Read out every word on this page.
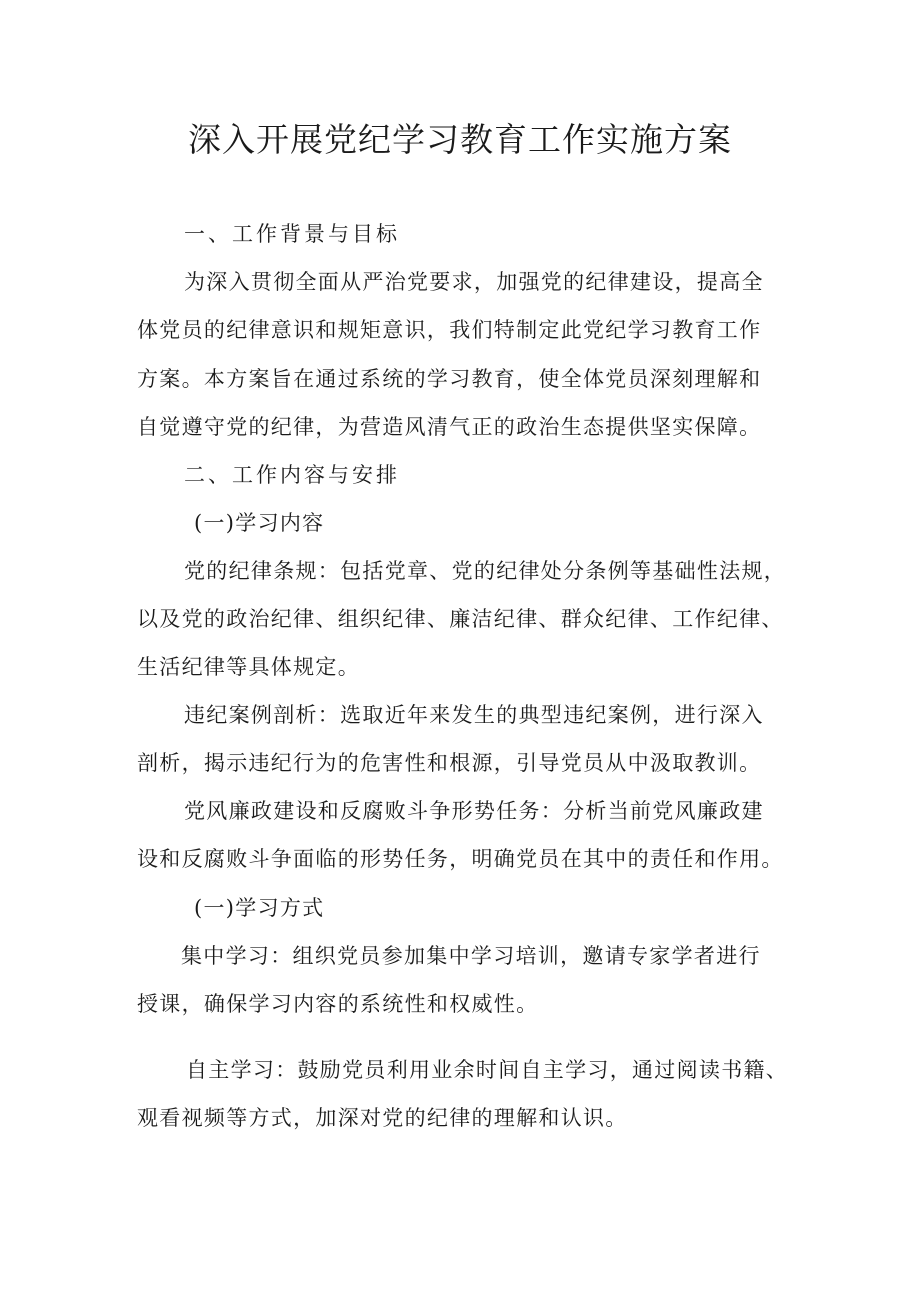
深入开展党纪学习教育工作实施方案
一、工作背景与目标
为深入贯彻全面从严治党要求，加强党的纪律建设，提高全
体党员的纪律意识和规矩意识，我们特制定此党纪学习教育工作
方案。本方案旨在通过系统的学习教育，使全体党员深刻理解和
自觉遵守党的纪律，为营造风清气正的政治生态提供坚实保障。
二、工作内容与安排
(一)学习内容
党的纪律条规：包括党章、党的纪律处分条例等基础性法规，
以及党的政治纪律、组织纪律、廉洁纪律、群众纪律、工作纪律、
生活纪律等具体规定。
违纪案例剖析：选取近年来发生的典型违纪案例，进行深入
剖析，揭示违纪行为的危害性和根源，引导党员从中汲取教训。
党风廉政建设和反腐败斗争形势任务：分析当前党风廉政建
设和反腐败斗争面临的形势任务，明确党员在其中的责任和作用。
(一)学习方式
集中学习：组织党员参加集中学习培训，邀请专家学者进行
授课，确保学习内容的系统性和权威性。
自主学习：鼓励党员利用业余时间自主学习，通过阅读书籍、
观看视频等方式，加深对党的纪律的理解和认识。
